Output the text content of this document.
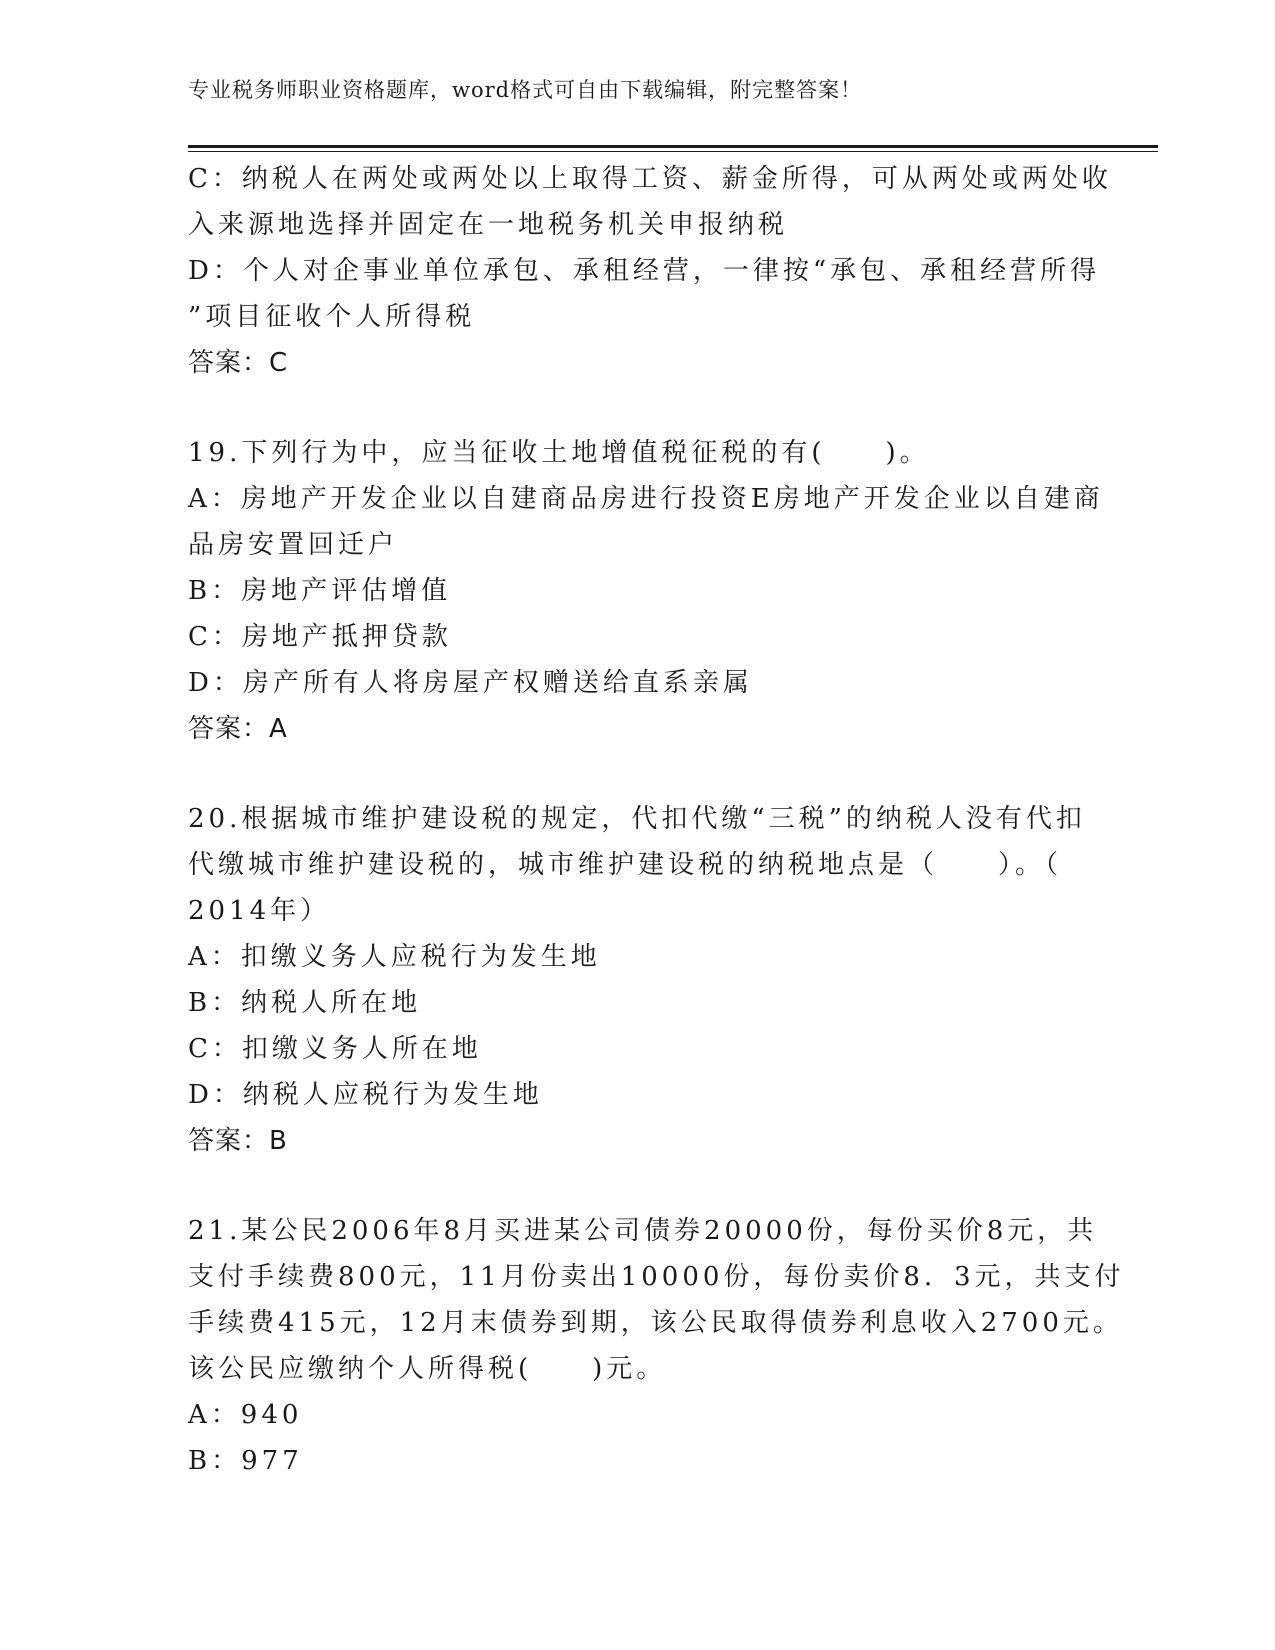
专业税务师职业资格题库，word格式可自由下载编辑，附完整答案！
C：纳税人在两处或两处以上取得工资、薪金所得，可从两处或两处收
入来源地选择并固定在一地税务机关申报纳税
D：个人对企事业单位承包、承租经营，一律按“承包、承租经营所得
”项目征收个人所得税
答案：C
19.下列行为中，应当征收土地增值税征税的有(　　)。
A：房地产开发企业以自建商品房进行投资E房地产开发企业以自建商
品房安置回迁户
B：房地产评估增值
C：房地产抵押贷款
D：房产所有人将房屋产权赠送给直系亲属
答案：A
20.根据城市维护建设税的规定，代扣代缴“三税”的纳税人没有代扣
代缴城市维护建设税的，城市维护建设税的纳税地点是（　　）。（
2014年）
A：扣缴义务人应税行为发生地
B：纳税人所在地
C：扣缴义务人所在地
D：纳税人应税行为发生地
答案：B
21.某公民2006年8月买进某公司债券20000份，每份买价8元，共
支付手续费800元，11月份卖出10000份，每份卖价8．3元，共支付
手续费415元，12月末债券到期，该公民取得债券利息收入2700元。
该公民应缴纳个人所得税(　　)元。
A：940
B：977
